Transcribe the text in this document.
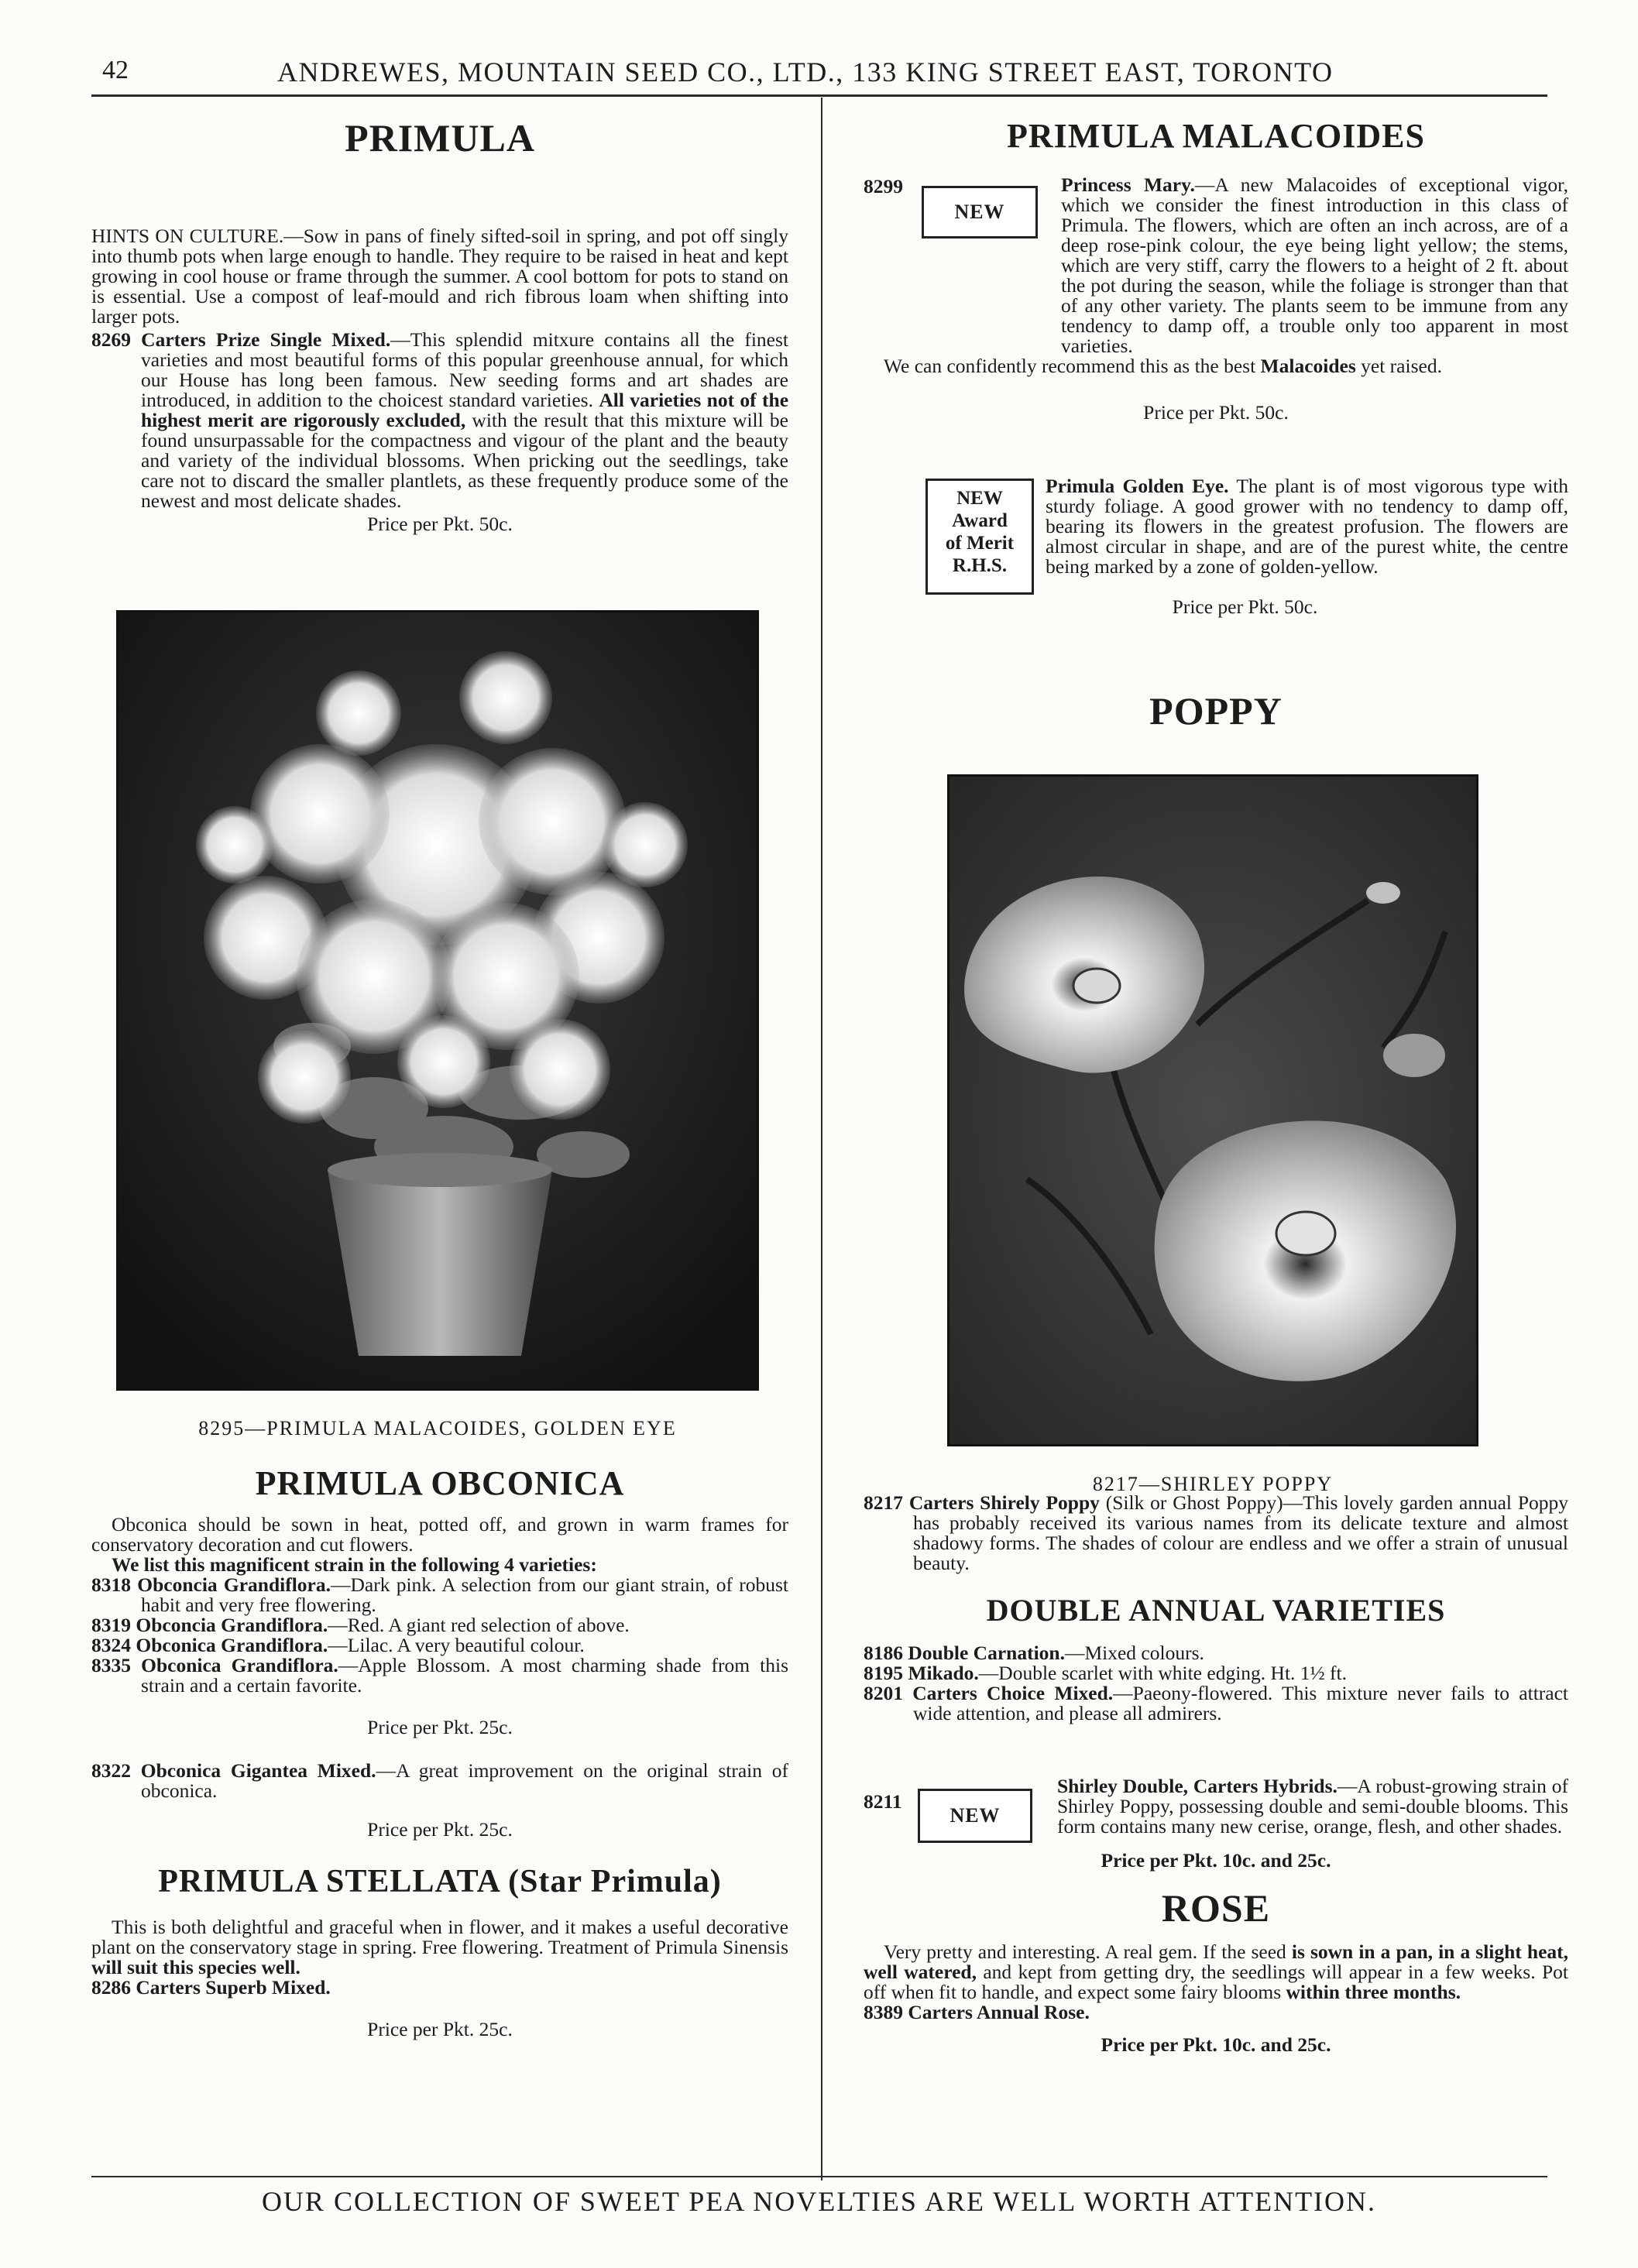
42	ANDREWES, MOUNTAIN SEED CO., LTD., 133 KING STREET EAST, TORONTO
PRIMULA

HINTS ON CULTURE.—Sow in pans of finely sifted-soil in spring, and pot off singly into thumb pots when large enough to handle. They require to be raised in heat and kept growing in cool house or frame through the summer. A cool bottom for pots to stand on is essential. Use a compost of leaf-mould and rich fibrous loam when shifting into larger pots.

8269 Carters Prize Single Mixed.—This splendid mitxure contains all the finest varieties and most beautiful forms of this popular greenhouse annual, for which our House has long been famous. New seeding forms and art shades are introduced, in addition to the choicest standard varieties. All varieties not of the highest merit are rigorously excluded, with the result that this mixture will be found unsurpassable for the compactness and vigour of the plant and the beauty and variety of the individual blossoms. When pricking out the seedlings, take care not to discard the smaller plantlets, as these frequently produce some of the newest and most delicate shades.

Price per Pkt. 50c.

8295—PRIMULA MALACOIDES, GOLDEN EYE
PRIMULA OBCONICA

Obconica should be sown in heat, potted off, and grown in warm frames for conservatory decoration and cut flowers.

We list this magnificent strain in the following 4 varieties:

8318 Obconcia Grandiflora.—Dark pink. A selection from our giant strain, of robust habit and very free flowering.

8319 Obconcia Grandiflora.—Red. A giant red selection of above.

8324 Obconica Grandiflora.—Lilac. A very beautiful colour.

8335 Obconica Grandiflora.—Apple Blossom. A most charming shade from this strain and a certain favorite.

Price per Pkt. 25c.

8322 Obconica Gigantea Mixed.—A great improvement on the original strain of obconica.

Price per Pkt. 25c.

PRIMULA STELLATA (Star Primula)

This is both delightful and graceful when in flower, and it makes a useful decorative plant on the conservatory stage in spring. Free flowering. Treatment of Primula Sinensis will suit this species well.

8286 Carters Superb Mixed.

Price per Pkt. 25c.

PRIMULA MALACOIDES
8299
NEW

Princess Mary.—A new Malacoides of exceptional vigor, which we consider the finest introduction in this class of Primula. The flowers, which are often an inch across, are of a deep rose-pink colour, the eye being light yellow; the stems, which are very stiff, carry the flowers to a height of 2 ft. about the pot during the season, while the foliage is stronger than that of any other variety. The plants seem to be immune from any tendency to damp off, a trouble only too apparent in most varieties.

We can confidently recommend this as the best Malacoides yet raised.

Price per Pkt. 50c.

NEW
Award
of Merit
R.H.S.

Primula Golden Eye. The plant is of most vigorous type with sturdy foliage. A good grower with no tendency to damp off, bearing its flowers in the greatest profusion. The flowers are almost circular in shape, and are of the purest white, the centre being marked by a zone of golden-yellow.

Price per Pkt. 50c.

POPPY
8217—SHIRLEY POPPY

8217 Carters Shirely Poppy (Silk or Ghost Poppy)—This lovely garden annual Poppy has probably received its various names from its delicate texture and almost shadowy forms. The shades of colour are endless and we offer a strain of unusual beauty.

DOUBLE ANNUAL VARIETIES

8186 Double Carnation.—Mixed colours.

8195 Mikado.—Double scarlet with white edging. Ht. 1½ ft.

8201 Carters Choice Mixed.—Paeony-flowered. This mixture never fails to attract wide attention, and please all admirers.

8211
NEW

Shirley Double, Carters Hybrids.—A robust-growing strain of Shirley Poppy, possessing double and semi-double blooms. This form contains many new cerise, orange, flesh, and other shades.

Price per Pkt. 10c. and 25c.

ROSE

Very pretty and interesting. A real gem. If the seed is sown in a pan, in a slight heat, well watered, and kept from getting dry, the seedlings will appear in a few weeks. Pot off when fit to handle, and expect some fairy blooms within three months.

8389 Carters Annual Rose.

Price per Pkt. 10c. and 25c.

OUR COLLECTION OF SWEET PEA NOVELTIES ARE WELL WORTH ATTENTION.
